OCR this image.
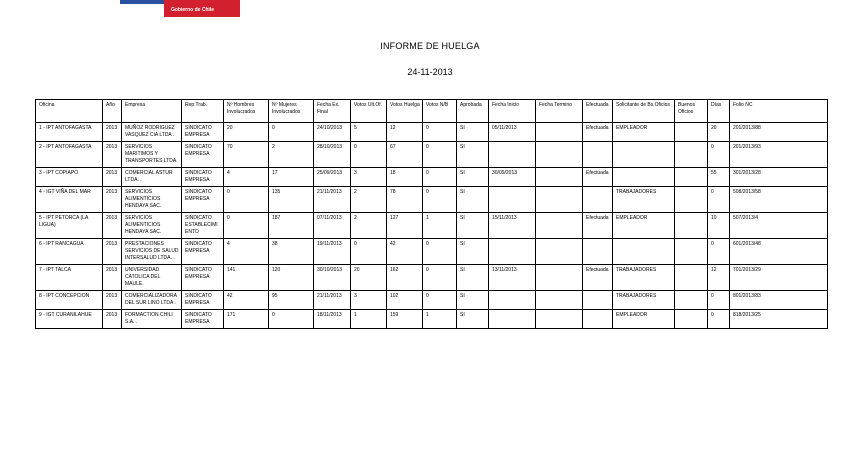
Gobierno de Chile
INFORME DE HUELGA
24-11-2013
Oficina	Año	Empresa	Rep.Trab.	Nº Hombres Involucrados	Nº Mujeres Involucrados	Fecha Ex. Final	Votos Ult.Of.	Votos Huelga	Votos N/B	Aprobada	Fecha Inicio	Fecha Termino	Efectuada	Solicitante de Bs.Oficios	Buenos Oficios	Días	Folio NC
1 - IPT ANTOFAGASTA	2013	MUÑOZ RODRIGUEZ VASQUEZ CIA LTDA .	SINDICATO EMPRESA	20	0	24/10/2013	5	12	0	SI	05/11/2013		Efectuada	EMPLEADOR		20	201/2013/88
2 - IPT ANTOFAGASTA	2013	SERVICIOS MARITIMOS Y TRANSPORTES LTDA.	SINDICATO EMPRESA	70	2	28/10/2013	0	67	0	SI						0	201/2013/93
3 - IPT COPIAPO	2013	COMERCIAL ASTUR LTDA. .	SINDICATO EMPRESA	4	17	25/09/2013	3	18	0	SI	30/09/2013		Efectuada			55	301/2013/28
4 - IGT VIÑA DEL MAR	2013	SERVICIOS ALIMENTICIOS HENDAYA SAC.	SINDICATO EMPRESA	0	135	21/11/2013	2	78	0	SI				TRABAJADORES		0	508/2013/58
5 - IPT PETORCA (LA LIGUA)	2013	SERVICIOS ALIMENTICIOS HENDAYA SAC.	SINDICATO ESTABLECIMIENTO	0	187	07/11/2013	2	127	1	SI	15/11/2013		Efectuada	EMPLEADOR		10	507/2013/4
6 - IPT RANCAGUA	2013	PRESTACIONES SERVICIOS DE SALUD INTERSALUD LTDA. .	SINDICATO EMPRESA	4	38	19/11/2013	0	42	0	SI						0	601/2013/48
7 - IPT TALCA	2013	UNIVERSIDAD CATOLICA DEL MAULE.	SINDICATO EMPRESA	141	120	30/10/2013	20	162	0	SI	13/11/2013		Efectuada	TRABAJADORES		12	701/2013/29
8 - IPT CONCEPCION	2013	COMERCIALIZADORA DEL SUR LINO LTDA .	SINDICATO EMPRESA	42	95	21/11/2013	3	102	0	SI				TRABAJADORES		0	801/2013/83
9 - IGT CURANILAHUE	2013	FORMACTION CHILI S.A. .	SINDICATO EMPRESA	171	0	18/11/2013	1	159	1	SI				EMPLEADOR		0	818/2013/25
